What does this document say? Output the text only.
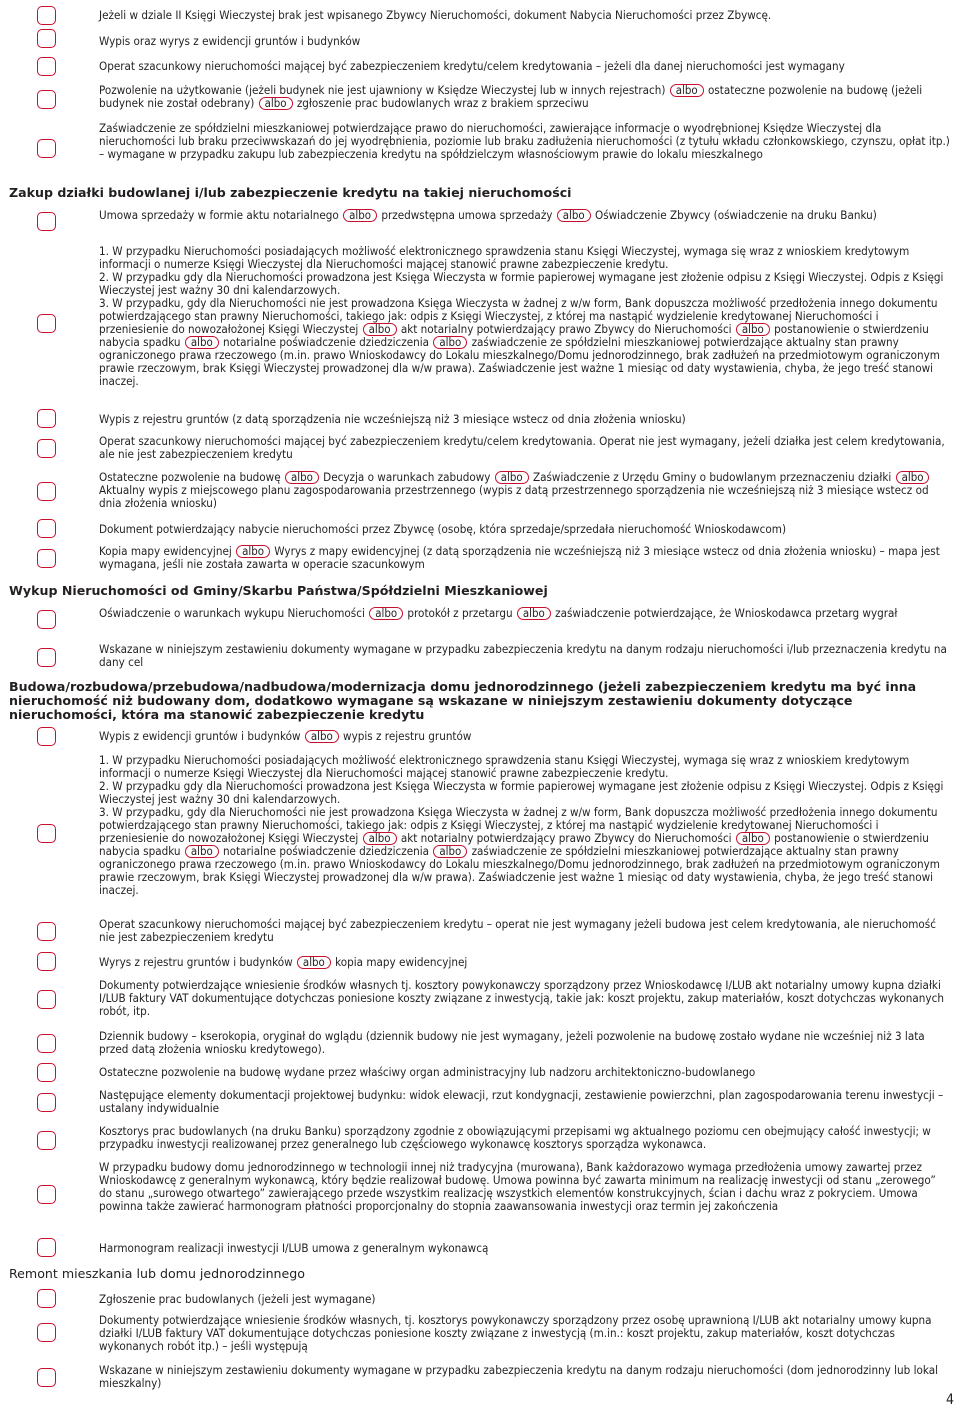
Jeżeli w dziale II Księgi Wieczystej brak jest wpisanego Zbywcy Nieruchomości, dokument Nabycia Nieruchomości przez Zbywcę.
Wypis oraz wyrys z ewidencji gruntów i budynków
Operat szacunkowy nieruchomości mającej być zabezpieczeniem kredytu/celem kredytowania – jeżeli dla danej nieruchomości jest wymagany
Pozwolenie na użytkowanie (jeżeli budynek nie jest ujawniony w Księdze Wieczystej lub w innych rejestrach) albo ostateczne pozwolenie na budowę (jeżeli budynek nie został odebrany) albo zgłoszenie prac budowlanych wraz z brakiem sprzeciwu
Zaświadczenie ze spółdzielni mieszkaniowej potwierdzające prawo do nieruchomości, zawierające informacje o wyodrębnionej Księdze Wieczystej dla nieruchomości lub braku przeciwwskazań do jej wyodrębnienia, poziomie lub braku zadłużenia nieruchomości (z tytułu wkładu członkowskiego, czynszu, opłat itp.) – wymagane w przypadku zakupu lub zabezpieczenia kredytu na spółdzielczym własnościowym prawie do lokalu mieszkalnego
Zakup działki budowlanej i/lub zabezpieczenie kredytu na takiej nieruchomości
Umowa sprzedaży w formie aktu notarialnego albo przedwstępna umowa sprzedaży albo Oświadczenie Zbywcy (oświadczenie na druku Banku)

1. W przypadku Nieruchomości posiadających możliwość elektronicznego sprawdzenia stanu Księgi Wieczystej, wymaga się wraz z wnioskiem kredytowym informacji o numerze Księgi Wieczystej dla Nieruchomości mającej stanowić prawne zabezpieczenie kredytu.

2. W przypadku gdy dla Nieruchomości prowadzona jest Księga Wieczysta w formie papierowej wymagane jest złożenie odpisu z Księgi Wieczystej. Odpis z Księgi Wieczystej jest ważny 30 dni kalendarzowych.

3. W przypadku, gdy dla Nieruchomości nie jest prowadzona Księga Wieczysta w żadnej z w/w form, Bank dopuszcza możliwość przedłożenia innego dokumentu potwierdzającego stan prawny Nieruchomości, takiego jak: odpis z Księgi Wieczystej, z której ma nastąpić wydzielenie kredytowanej Nieruchomości i przeniesienie do nowozałożonej Księgi Wieczystej albo akt notarialny potwierdzający prawo Zbywcy do Nieruchomości albo postanowienie o stwierdzeniu nabycia spadku albo notarialne poświadczenie dziedziczenia albo zaświadczenie ze spółdzielni mieszkaniowej potwierdzające aktualny stan prawny ograniczonego prawa rzeczowego (m.in. prawo Wnioskodawcy do Lokalu mieszkalnego/Domu jednorodzinnego, brak zadłużeń na przedmiotowym ograniczonym prawie rzeczowym, brak Księgi Wieczystej prowadzonej dla w/w prawa). Zaświadczenie jest ważne 1 miesiąc od daty wystawienia, chyba, że jego treść stanowi inaczej.

Wypis z rejestru gruntów (z datą sporządzenia nie wcześniejszą niż 3 miesiące wstecz od dnia złożenia wniosku)
Operat szacunkowy nieruchomości mającej być zabezpieczeniem kredytu/celem kredytowania. Operat nie jest wymagany, jeżeli działka jest celem kredytowania, ale nie jest zabezpieczeniem kredytu
Ostateczne pozwolenie na budowę albo Decyzja o warunkach zabudowy albo Zaświadczenie z Urzędu Gminy o budowlanym przeznaczeniu działki albo Aktualny wypis z miejscowego planu zagospodarowania przestrzennego (wypis z datą przestrzennego sporządzenia nie wcześniejszą niż 3 miesiące wstecz od dnia złożenia wniosku)
Dokument potwierdzający nabycie nieruchomości przez Zbywcę (osobę, która sprzedaje/sprzedała nieruchomość Wnioskodawcom)
Kopia mapy ewidencyjnej albo Wyrys z mapy ewidencyjnej (z datą sporządzenia nie wcześniejszą niż 3 miesiące wstecz od dnia złożenia wniosku) – mapa jest wymagana, jeśli nie została zawarta w operacie szacunkowym
Wykup Nieruchomości od Gminy/Skarbu Państwa/Spółdzielni Mieszkaniowej
Oświadczenie o warunkach wykupu Nieruchomości albo protokół z przetargu albo zaświadczenie potwierdzające, że Wnioskodawca przetarg wygrał
Wskazane w niniejszym zestawieniu dokumenty wymagane w przypadku zabezpieczenia kredytu na danym rodzaju nieruchomości i/lub przeznaczenia kredytu na dany cel
Budowa/rozbudowa/przebudowa/nadbudowa/modernizacja domu jednorodzinnego (jeżeli zabezpieczeniem kredytu ma być inna nieruchomość niż budowany dom, dodatkowo wymagane są wskazane w niniejszym zestawieniu dokumenty dotyczące nieruchomości, która ma stanowić zabezpieczenie kredytu
Wypis z ewidencji gruntów i budynków albo wypis z rejestru gruntów

1. W przypadku Nieruchomości posiadających możliwość elektronicznego sprawdzenia stanu Księgi Wieczystej, wymaga się wraz z wnioskiem kredytowym informacji o numerze Księgi Wieczystej dla Nieruchomości mającej stanowić prawne zabezpieczenie kredytu.

2. W przypadku gdy dla Nieruchomości prowadzona jest Księga Wieczysta w formie papierowej wymagane jest złożenie odpisu z Księgi Wieczystej. Odpis z Księgi Wieczystej jest ważny 30 dni kalendarzowych.

3. W przypadku, gdy dla Nieruchomości nie jest prowadzona Księga Wieczysta w żadnej z w/w form, Bank dopuszcza możliwość przedłożenia innego dokumentu potwierdzającego stan prawny Nieruchomości, takiego jak: odpis z Księgi Wieczystej, z której ma nastąpić wydzielenie kredytowanej Nieruchomości i przeniesienie do nowozałożonej Księgi Wieczystej albo akt notarialny potwierdzający prawo Zbywcy do Nieruchomości albo postanowienie o stwierdzeniu nabycia spadku albo notarialne poświadczenie dziedziczenia albo zaświadczenie ze spółdzielni mieszkaniowej potwierdzające aktualny stan prawny ograniczonego prawa rzeczowego (m.in. prawo Wnioskodawcy do Lokalu mieszkalnego/Domu jednorodzinnego, brak zadłużeń na przedmiotowym ograniczonym prawie rzeczowym, brak Księgi Wieczystej prowadzonej dla w/w prawa). Zaświadczenie jest ważne 1 miesiąc od daty wystawienia, chyba, że jego treść stanowi inaczej.

Operat szacunkowy nieruchomości mającej być zabezpieczeniem kredytu – operat nie jest wymagany jeżeli budowa jest celem kredytowania, ale nieruchomość nie jest zabezpieczeniem kredytu
Wyrys z rejestru gruntów i budynków albo kopia mapy ewidencyjnej
Dokumenty potwierdzające wniesienie środków własnych tj. kosztory powykonawczy sporządzony przez Wnioskodawcę I/LUB akt notarialny umowy kupna działki I/LUB faktury VAT dokumentujące dotychczas poniesione koszty związane z inwestycją, takie jak: koszt projektu, zakup materiałów, koszt dotychczas wykonanych robót, itp.
Dziennik budowy – kserokopia, oryginał do wglądu (dziennik budowy nie jest wymagany, jeżeli pozwolenie na budowę zostało wydane nie wcześniej niż 3 lata przed datą złożenia wniosku kredytowego).
Ostateczne pozwolenie na budowę wydane przez właściwy organ administracyjny lub nadzoru architektoniczno-budowlanego
Następujące elementy dokumentacji projektowej budynku: widok elewacji, rzut kondygnacji, zestawienie powierzchni, plan zagospodarowania terenu inwestycji – ustalany indywidualnie
Kosztorys prac budowlanych (na druku Banku) sporządzony zgodnie z obowiązującymi przepisami wg aktualnego poziomu cen obejmujący całość inwestycji; w przypadku inwestycji realizowanej przez generalnego lub częściowego wykonawcę kosztorys sporządza wykonawca.
W przypadku budowy domu jednorodzinnego w technologii innej niż tradycyjna (murowana), Bank każdorazowo wymaga przedłożenia umowy zawartej przez Wnioskodawcę z generalnym wykonawcą, który będzie realizował budowę. Umowa powinna być zawarta minimum na realizację inwestycji od stanu „zerowego” do stanu „surowego otwartego” zawierającego przede wszystkim realizację wszystkich elementów konstrukcyjnych, ścian i dachu wraz z pokryciem. Umowa powinna także zawierać harmonogram płatności proporcjonalny do stopnia zaawansowania inwestycji oraz termin jej zakończenia
Harmonogram realizacji inwestycji I/LUB umowa z generalnym wykonawcą
Remont mieszkania lub domu jednorodzinnego
Zgłoszenie prac budowlanych (jeżeli jest wymagane)
Dokumenty potwierdzające wniesienie środków własnych, tj. kosztorys powykonawczy sporządzony przez osobę uprawnioną I/LUB akt notarialny umowy kupna działki I/LUB faktury VAT dokumentujące dotychczas poniesione koszty związane z inwestycją (m.in.: koszt projektu, zakup materiałów, koszt dotychczas wykonanych robót itp.) – jeśli występują
Wskazane w niniejszym zestawieniu dokumenty wymagane w przypadku zabezpieczenia kredytu na danym rodzaju nieruchomości (dom jednorodzinny lub lokal mieszkalny)
4
